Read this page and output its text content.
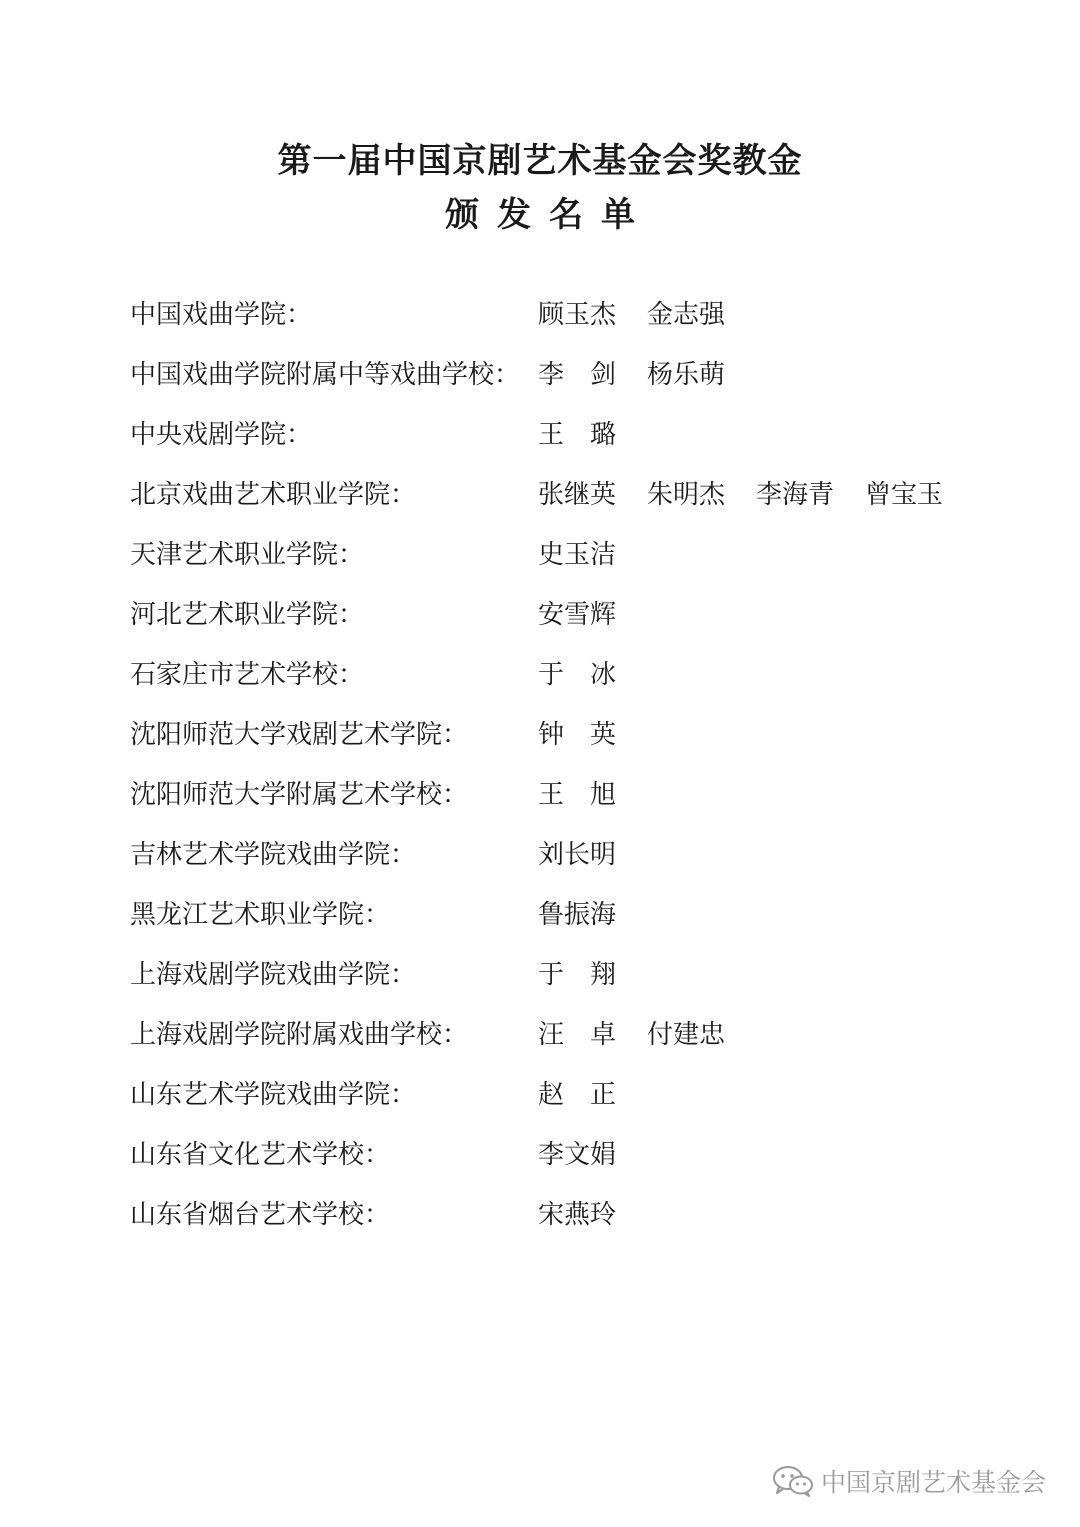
第一届中国京剧艺术基金会奖教金
颁发名单
中国戏曲学院：	顾玉杰	金志强
中国戏曲学院附属中等戏曲学校： 李　剑	杨乐萌
中央戏剧学院：	王　璐
北京戏曲艺术职业学院：	张继英	朱明杰	李海青	曾宝玉
天津艺术职业学院：	史玉洁
河北艺术职业学院：	安雪辉
石家庄市艺术学校：	于　冰
沈阳师范大学戏剧艺术学院：	钟　英
沈阳师范大学附属艺术学校：	王　旭
吉林艺术学院戏曲学院：	刘长明
黑龙江艺术职业学院：	鲁振海
上海戏剧学院戏曲学院：	于　翔
上海戏剧学院附属戏曲学校：	汪　卓	付建忠
山东艺术学院戏曲学院：	赵　正
山东省文化艺术学校：	李文娟
山东省烟台艺术学校：	宋燕玲
中国京剧艺术基金会
